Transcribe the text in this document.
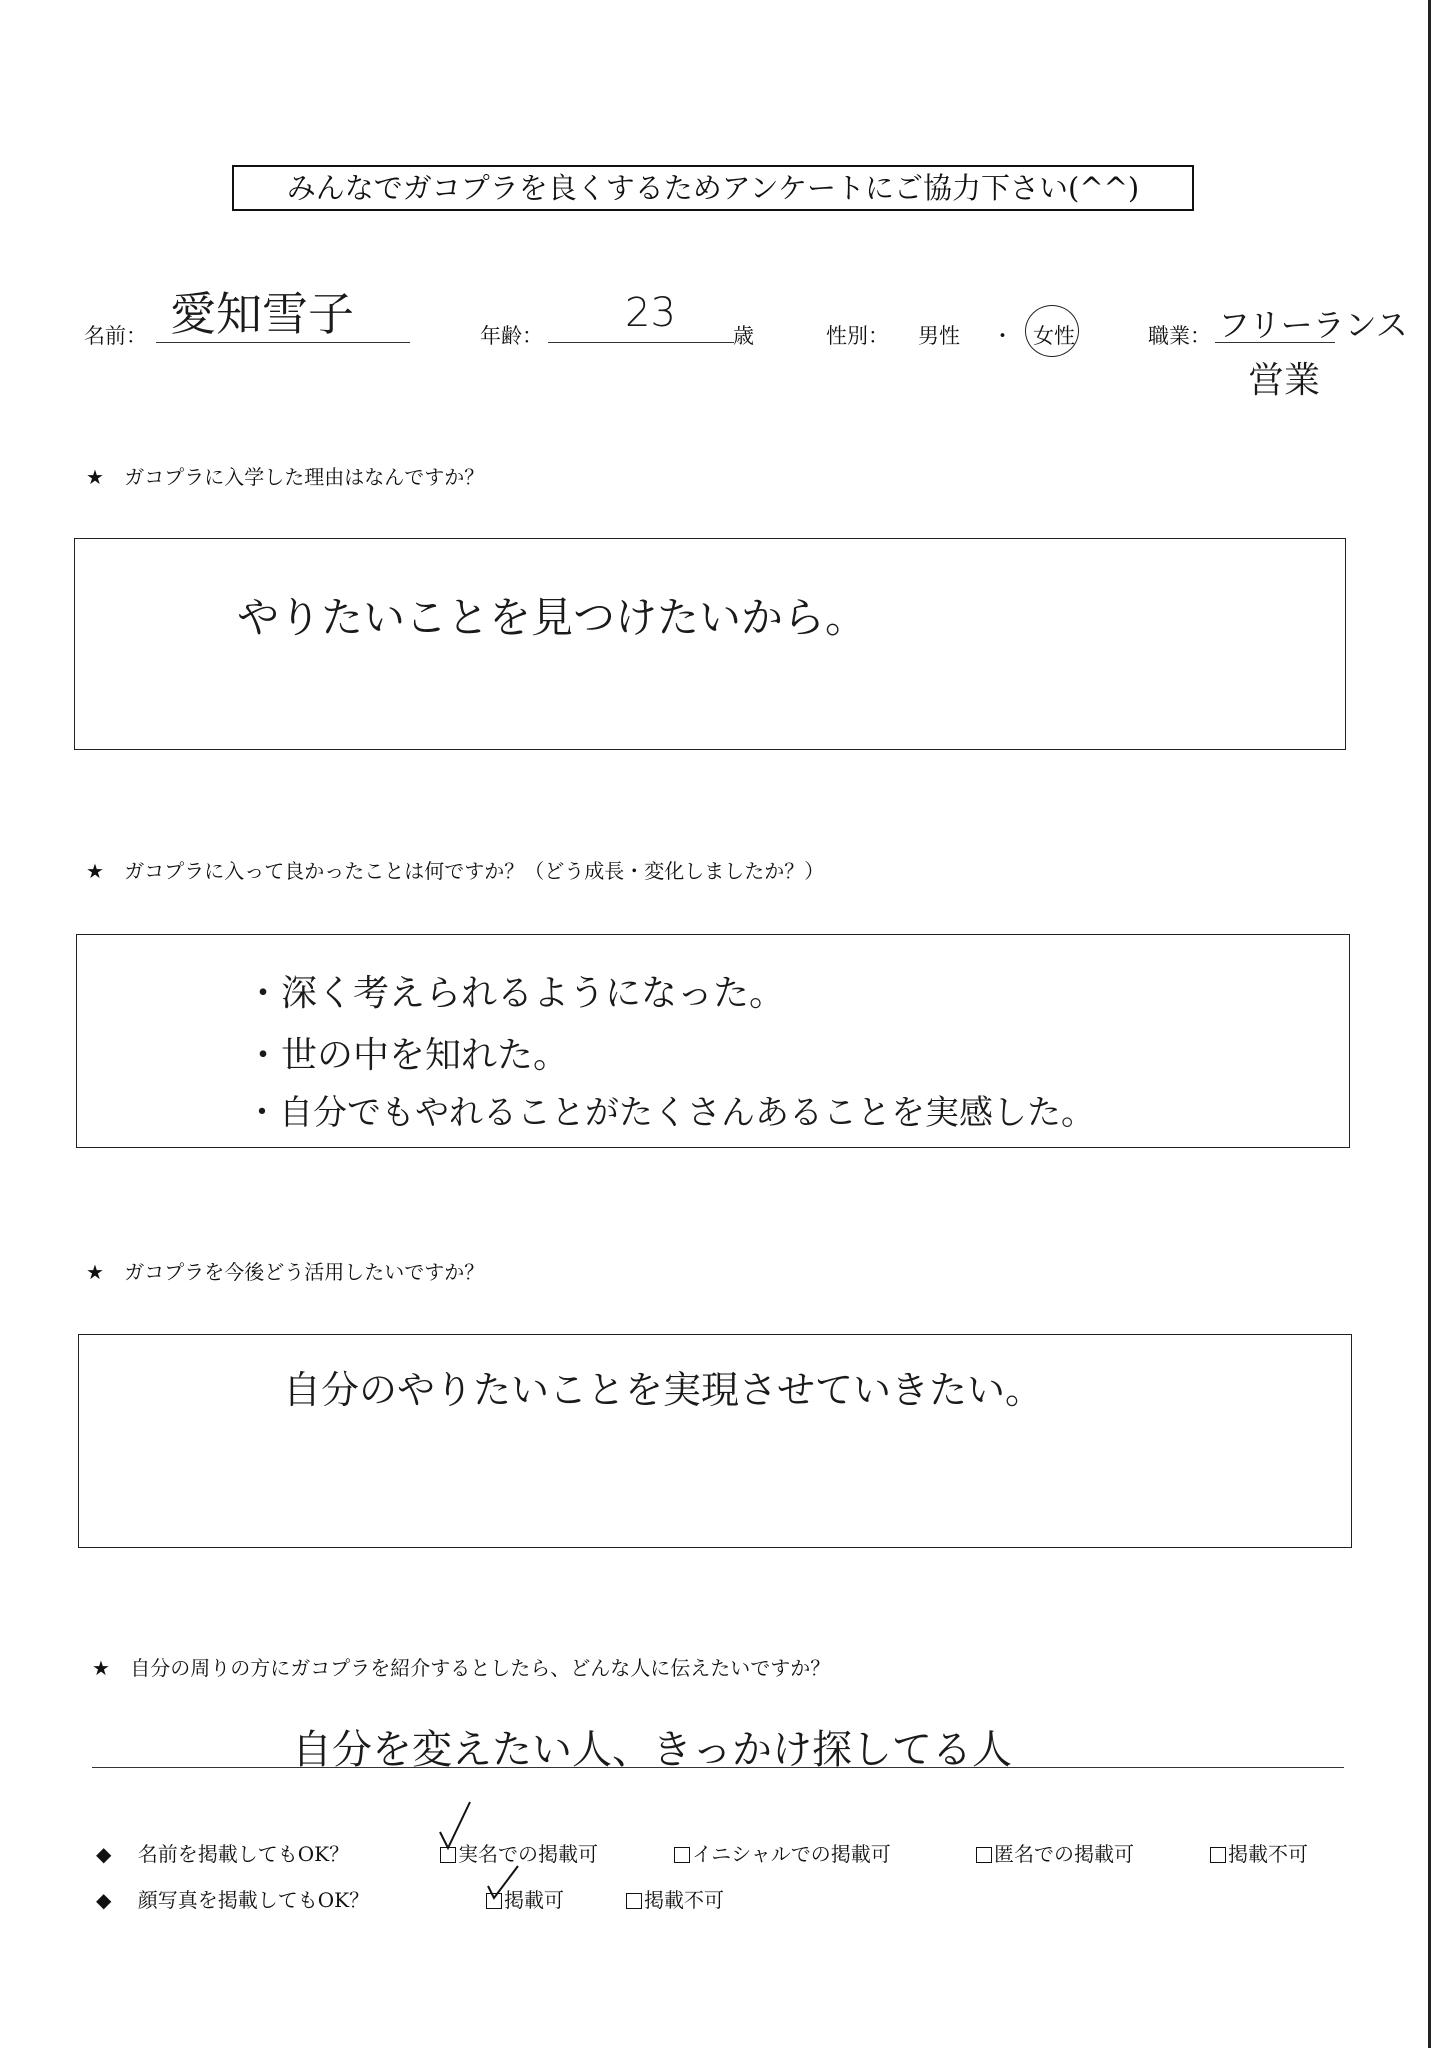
みんなでガコプラを良くするためアンケートにご協力下さい(^^)
名前： 愛知雪子	年齢： 23	歳	性別： 男性 ・ 女性	職業： フリーランス
営業
★ ガコプラに入学した理由はなんですか？
やりたいことを見つけたいから。
★ ガコプラに入って良かったことは何ですか？（どう成長・変化しましたか？）
・深く考えられるようになった。
・世の中を知れた。
・自分でもやれることがたくさんあることを実感した。
★ ガコプラを今後どう活用したいですか？
自分のやりたいことを実現させていきたい。
★ 自分の周りの方にガコプラを紹介するとしたら、どんな人に伝えたいですか？
自分を変えたい人、きっかけ探してる人
◆ 名前を掲載してもOK？	実名での掲載可	イニシャルでの掲載可	匿名での掲載可	掲載不可
◆ 顔写真を掲載してもOK？	掲載可	掲載不可
